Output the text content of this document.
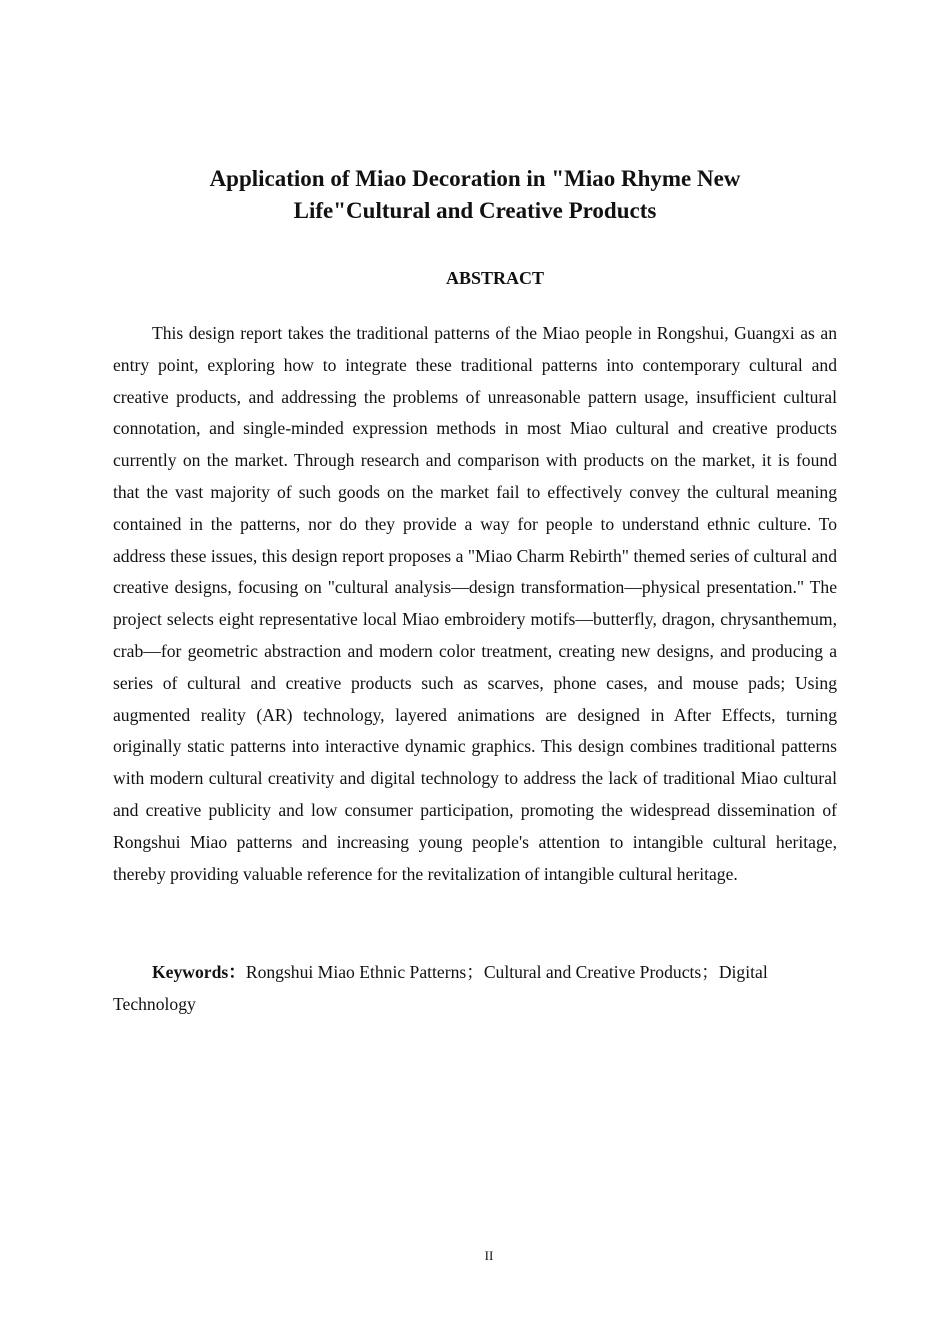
Application of Miao Decoration in "Miao Rhyme New
Life"Cultural and Creative Products
ABSTRACT

This design report takes the traditional patterns of the Miao people in Rongshui, Guangxi as an entry point, exploring how to integrate these traditional patterns into contemporary cultural and creative products, and addressing the problems of unreasonable pattern usage, insufficient cultural connotation, and single-minded expression methods in most Miao cultural and creative products currently on the market. Through research and comparison with products on the market, it is found that the vast majority of such goods on the market fail to effectively convey the cultural meaning contained in the patterns, nor do they provide a way for people to understand ethnic culture. To address these issues, this design report proposes a "Miao Charm Rebirth" themed series of cultural and creative designs, focusing on "cultural analysis—design transformation—physical presentation." The project selects eight representative local Miao embroidery motifs—butterfly, dragon, chrysanthemum, crab—for geometric abstraction and modern color treatment, creating new designs, and producing a series of cultural and creative products such as scarves, phone cases, and mouse pads; Using augmented reality (AR) technology, layered animations are designed in After Effects, turning originally static patterns into interactive dynamic graphics. This design combines traditional patterns with modern cultural creativity and digital technology to address the lack of traditional Miao cultural and creative publicity and low consumer participation, promoting the widespread dissemination of Rongshui Miao patterns and increasing young people's attention to intangible cultural heritage, thereby providing valuable reference for the revitalization of intangible cultural heritage.

Keywords：Rongshui Miao Ethnic Patterns；Cultural and Creative Products；Digital Technology

II
